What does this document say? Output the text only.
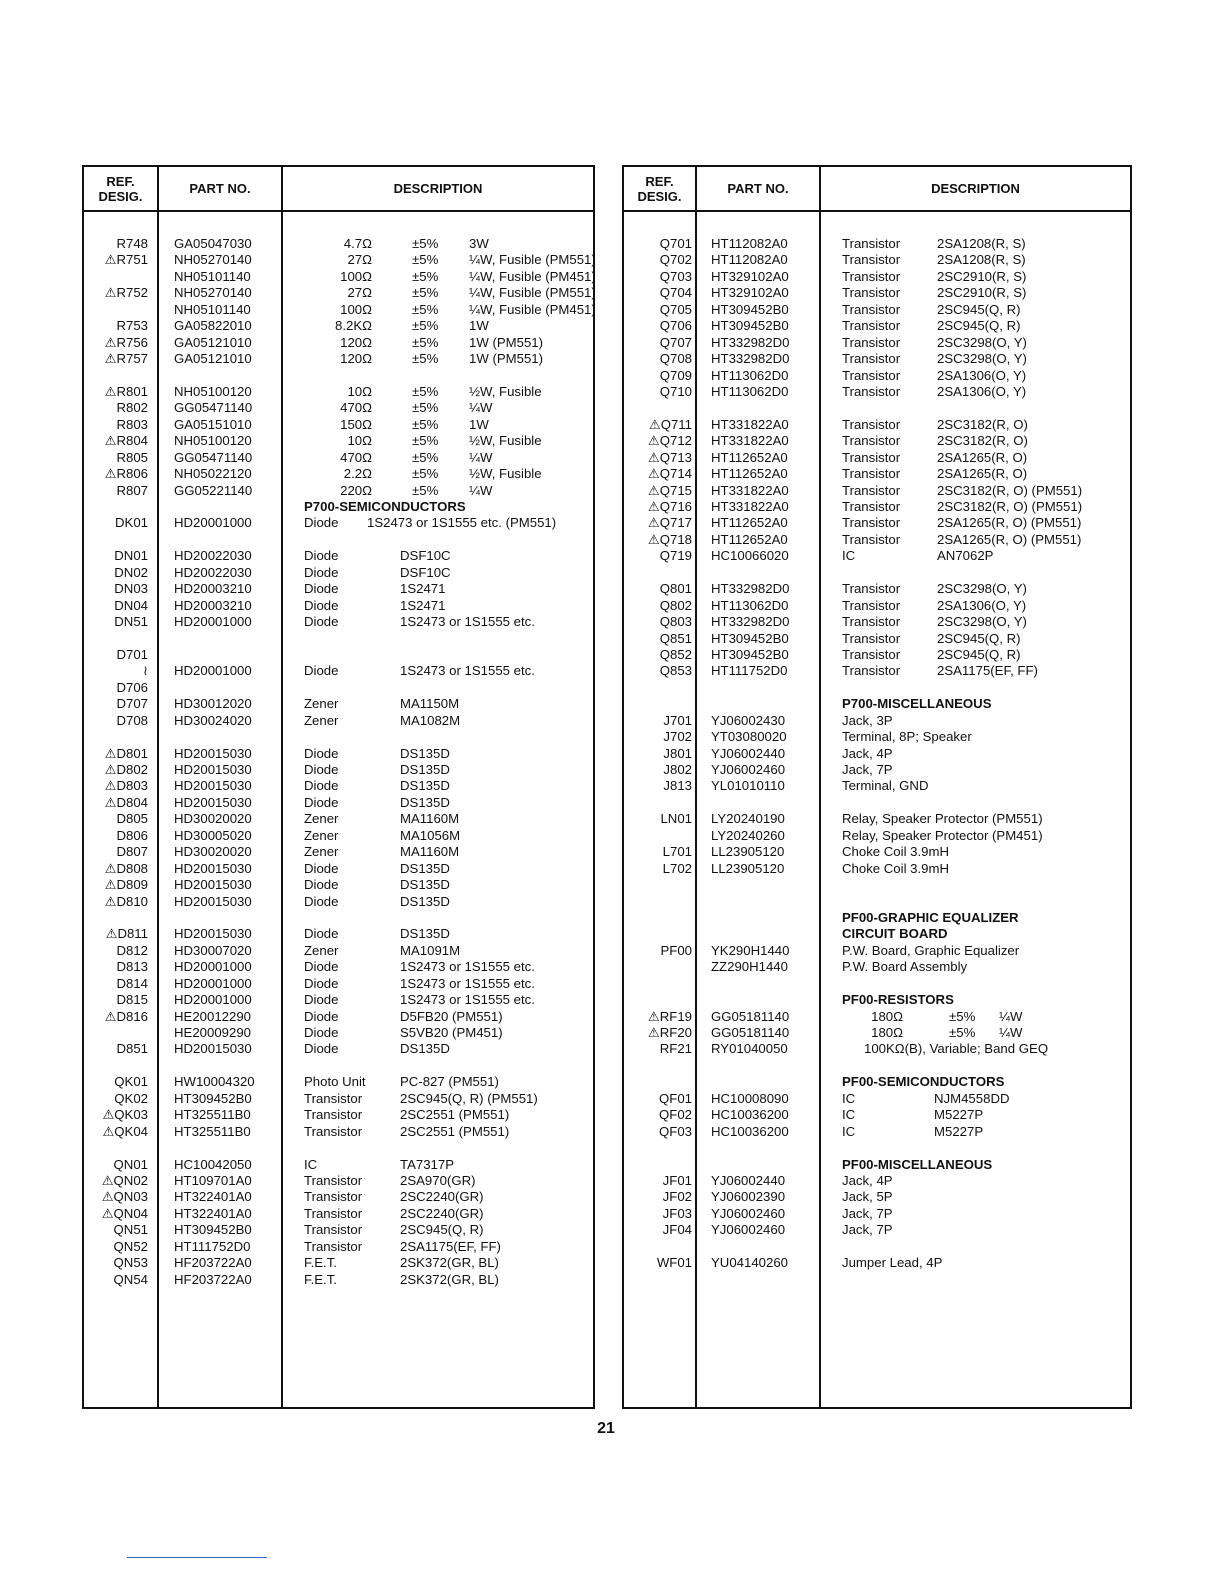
REF.
DESIG.	PART NO.	DESCRIPTION
R748 GA05047030	4.7Ω	±5% 3W
⚠R751 NH05270140	27Ω	±5% ¼W, Fusible (PM551)
NH05101140	100Ω	±5% ¼W, Fusible (PM451)
⚠R752 NH05270140	27Ω	±5% ¼W, Fusible (PM551)
NH05101140	100Ω	±5% ¼W, Fusible (PM451)
R753 GA05822010	8.2KΩ	±5% 1W
⚠R756 GA05121010	120Ω	±5% 1W (PM551)
⚠R757 GA05121010	120Ω	±5% 1W (PM551)
⚠R801 NH05100120	10Ω	±5% ½W, Fusible
R802 GG05471140	470Ω	±5% ¼W
R803 GA05151010	150Ω	±5% 1W
⚠R804 NH05100120	10Ω	±5% ½W, Fusible
R805 GG05471140	470Ω	±5% ¼W
⚠R806 NH05022120	2.2Ω	±5% ½W, Fusible
R807 GG05221140	220Ω	±5% ¼W
P700-SEMICONDUCTORS
DK01 HD20001000	Diode 1S2473 or 1S1555 etc. (PM551)
DN01 HD20022030	Diode	DSF10C
DN02 HD20022030	Diode	DSF10C
DN03 HD20003210	Diode	1S2471
DN04 HD20003210	Diode	1S2471
DN51 HD20001000	Diode	1S2473 or 1S1555 etc.
D701
≀ HD20001000	Diode	1S2473 or 1S1555 etc.
D706
D707 HD30012020	Zener	MA1150M
D708 HD30024020	Zener	MA1082M
⚠D801 HD20015030	Diode	DS135D
⚠D802 HD20015030	Diode	DS135D
⚠D803 HD20015030	Diode	DS135D
⚠D804 HD20015030	Diode	DS135D
D805 HD30020020	Zener	MA1160M
D806 HD30005020	Zener	MA1056M
D807 HD30020020	Zener	MA1160M
⚠D808 HD20015030	Diode	DS135D
⚠D809 HD20015030	Diode	DS135D
⚠D810 HD20015030	Diode	DS135D
⚠D811 HD20015030	Diode	DS135D
D812 HD30007020	Zener	MA1091M
D813 HD20001000	Diode	1S2473 or 1S1555 etc.
D814 HD20001000	Diode	1S2473 or 1S1555 etc.
D815 HD20001000	Diode	1S2473 or 1S1555 etc.
⚠D816 HE20012290	Diode	D5FB20 (PM551)
HE20009290	Diode	S5VB20 (PM451)
D851 HD20015030	Diode	DS135D
QK01 HW10004320	Photo Unit	PC-827 (PM551)
QK02 HT309452B0	Transistor	2SC945(Q, R) (PM551)
⚠QK03 HT325511B0	Transistor	2SC2551 (PM551)
⚠QK04 HT325511B0	Transistor	2SC2551 (PM551)
QN01 HC10042050	IC	TA7317P
⚠QN02 HT109701A0	Transistor	2SA970(GR)
⚠QN03 HT322401A0	Transistor	2SC2240(GR)
⚠QN04 HT322401A0	Transistor	2SC2240(GR)
QN51 HT309452B0	Transistor	2SC945(Q, R)
QN52 HT111752D0	Transistor	2SA1175(EF, FF)
QN53 HF203722A0	F.E.T.	2SK372(GR, BL)
QN54 HF203722A0	F.E.T.	2SK372(GR, BL)
REF.
DESIG.	PART NO.	DESCRIPTION
Q701 HT112082A0	Transistor	2SA1208(R, S)
Q702 HT112082A0	Transistor	2SA1208(R, S)
Q703 HT329102A0	Transistor	2SC2910(R, S)
Q704 HT329102A0	Transistor	2SC2910(R, S)
Q705 HT309452B0	Transistor	2SC945(Q, R)
Q706 HT309452B0	Transistor	2SC945(Q, R)
Q707 HT332982D0	Transistor	2SC3298(O, Y)
Q708 HT332982D0	Transistor	2SC3298(O, Y)
Q709 HT113062D0	Transistor	2SA1306(O, Y)
Q710 HT113062D0	Transistor	2SA1306(O, Y)
⚠Q711 HT331822A0	Transistor	2SC3182(R, O)
⚠Q712 HT331822A0	Transistor	2SC3182(R, O)
⚠Q713 HT112652A0	Transistor	2SA1265(R, O)
⚠Q714 HT112652A0	Transistor	2SA1265(R, O)
⚠Q715 HT331822A0	Transistor	2SC3182(R, O) (PM551)
⚠Q716 HT331822A0	Transistor	2SC3182(R, O) (PM551)
⚠Q717 HT112652A0	Transistor	2SA1265(R, O) (PM551)
⚠Q718 HT112652A0	Transistor	2SA1265(R, O) (PM551)
Q719 HC10066020	IC	AN7062P
Q801 HT332982D0	Transistor	2SC3298(O, Y)
Q802 HT113062D0	Transistor	2SA1306(O, Y)
Q803 HT332982D0	Transistor	2SC3298(O, Y)
Q851 HT309452B0	Transistor	2SC945(Q, R)
Q852 HT309452B0	Transistor	2SC945(Q, R)
Q853 HT111752D0	Transistor	2SA1175(EF, FF)
P700-MISCELLANEOUS
J701 YJ06002430	Jack, 3P
J702 YT03080020	Terminal, 8P; Speaker
J801 YJ06002440	Jack, 4P
J802 YJ06002460	Jack, 7P
J813 YL01010110	Terminal, GND
LN01 LY20240190	Relay, Speaker Protector (PM551)
LY20240260	Relay, Speaker Protector (PM451)
L701 LL23905120	Choke Coil 3.9mH
L702 LL23905120	Choke Coil 3.9mH
PF00-GRAPHIC EQUALIZER
CIRCUIT BOARD
PF00 YK290H1440	P.W. Board, Graphic Equalizer
ZZ290H1440	P.W. Board Assembly
PF00-RESISTORS
⚠RF19 GG05181140	180Ω	±5% ¼W
⚠RF20 GG05181140	180Ω	±5% ¼W
RF21 RY01040050	100KΩ(B), Variable; Band GEQ
PF00-SEMICONDUCTORS
QF01 HC10008090	IC	NJM4558DD
QF02 HC10036200	IC	M5227P
QF03 HC10036200	IC	M5227P
PF00-MISCELLANEOUS
JF01 YJ06002440	Jack, 4P
JF02 YJ06002390	Jack, 5P
JF03 YJ06002460	Jack, 7P
JF04 YJ06002460	Jack, 7P
WF01 YU04140260	Jumper Lead, 4P
21
